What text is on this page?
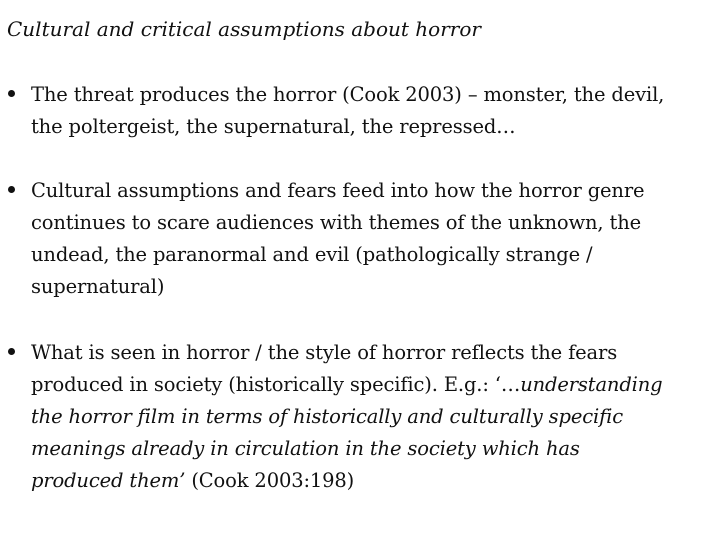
Cultural and critical assumptions about horror
The threat produces the horror (Cook 2003) – monster, the devil,
the poltergeist, the supernatural, the repressed…
Cultural assumptions and fears feed into how the horror genre
continues to scare audiences with themes of the unknown, the
undead, the paranormal and evil (pathologically strange /
supernatural)
What is seen in horror / the style of horror reflects the fears
produced in society (historically specific). E.g.: ‘…understanding
the horror film in terms of historically and culturally specific
meanings already in circulation in the society which has
produced them’ (Cook 2003:198)
